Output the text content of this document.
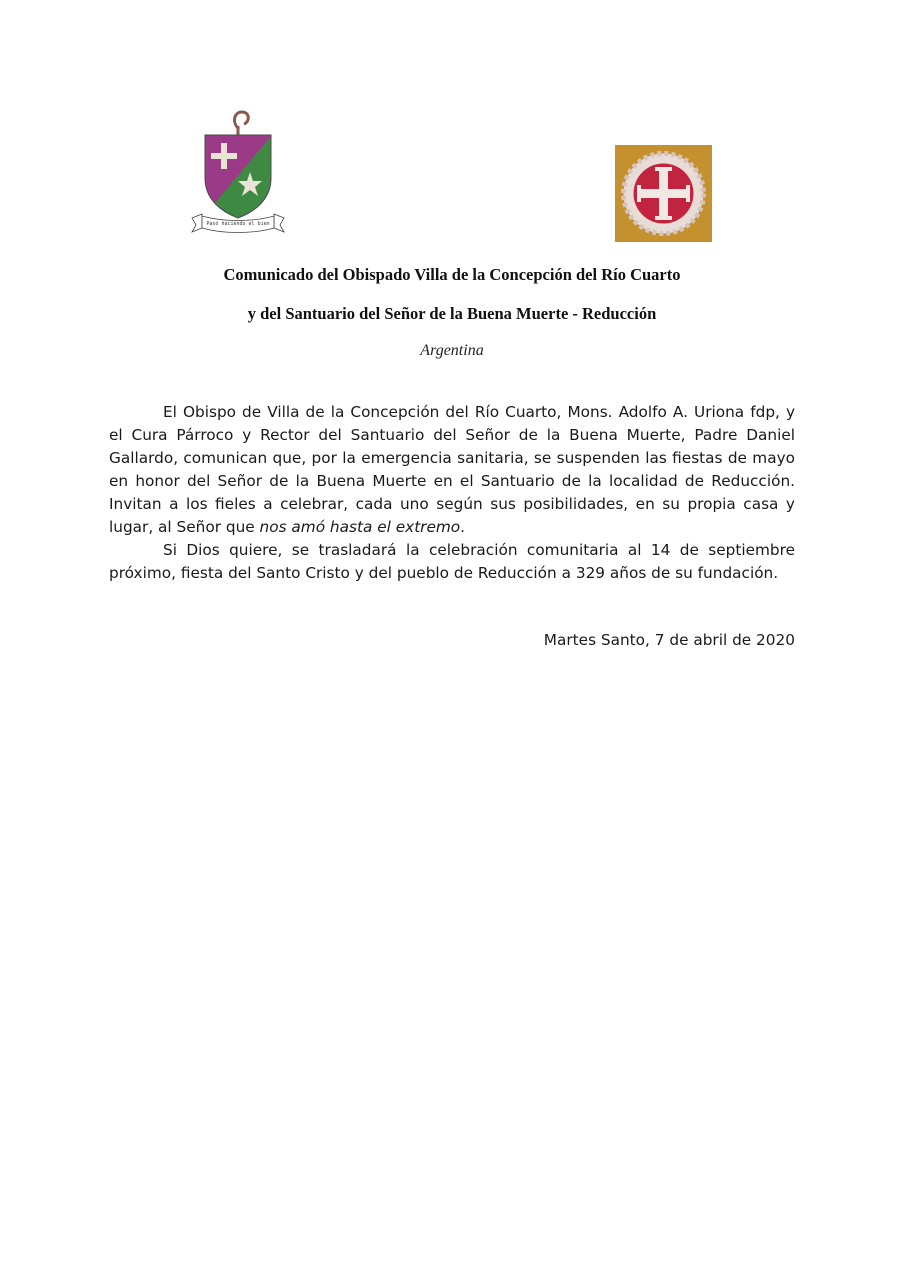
Pasó haciendo el bien
Comunicado del Obispado Villa de la Concepción del Río Cuarto
y del Santuario del Señor de la Buena Muerte - Reducción

Argentina

El Obispo de Villa de la Concepción del Río Cuarto, Mons. Adolfo A. Uriona fdp, y el Cura Párroco y Rector del Santuario del Señor de la Buena Muerte, Padre Daniel Gallardo, comunican que, por la emergencia sanitaria, se suspenden las fiestas de mayo en honor del Señor de la Buena Muerte en el Santuario de la localidad de Reducción. Invitan a los fieles a celebrar, cada uno según sus posibilidades, en su propia casa y lugar, al Señor que nos amó hasta el extremo.

Si Dios quiere, se trasladará la celebración comunitaria al 14 de septiembre próximo, fiesta del Santo Cristo y del pueblo de Reducción a 329 años de su fundación.

Martes Santo, 7 de abril de 2020
